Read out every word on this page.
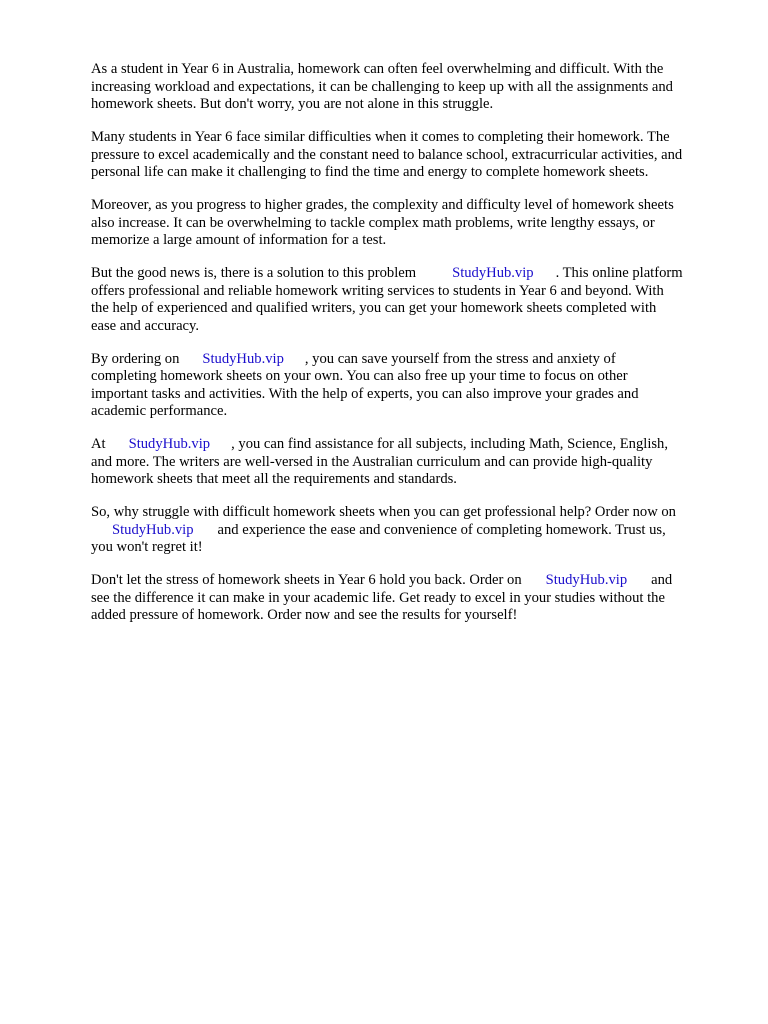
As a student in Year 6 in Australia, homework can often feel overwhelming and difficult. With the
increasing workload and expectations, it can be challenging to keep up with all the assignments and
homework sheets. But don't worry, you are not alone in this struggle.

Many students in Year 6 face similar difficulties when it comes to completing their homework. The
pressure to excel academically and the constant need to balance school, extracurricular activities, and
personal life can make it challenging to find the time and energy to complete homework sheets.

Moreover, as you progress to higher grades, the complexity and difficulty level of homework sheets
also increase. It can be overwhelming to tackle complex math problems, write lengthy essays, or
memorize a large amount of information for a test.

But the good news is, there is a solution to this problem StudyHub.vip . This online platform
offers professional and reliable homework writing services to students in Year 6 and beyond. With
the help of experienced and qualified writers, you can get your homework sheets completed with
ease and accuracy.

By ordering on StudyHub.vip , you can save yourself from the stress and anxiety of
completing homework sheets on your own. You can also free up your time to focus on other
important tasks and activities. With the help of experts, you can also improve your grades and
academic performance.

At StudyHub.vip , you can find assistance for all subjects, including Math, Science, English,
and more. The writers are well-versed in the Australian curriculum and can provide high-quality
homework sheets that meet all the requirements and standards.

So, why struggle with difficult homework sheets when you can get professional help? Order now on
StudyHub.vip and experience the ease and convenience of completing homework. Trust us,
you won't regret it!

Don't let the stress of homework sheets in Year 6 hold you back. Order on StudyHub.vip and
see the difference it can make in your academic life. Get ready to excel in your studies without the
added pressure of homework. Order now and see the results for yourself!
